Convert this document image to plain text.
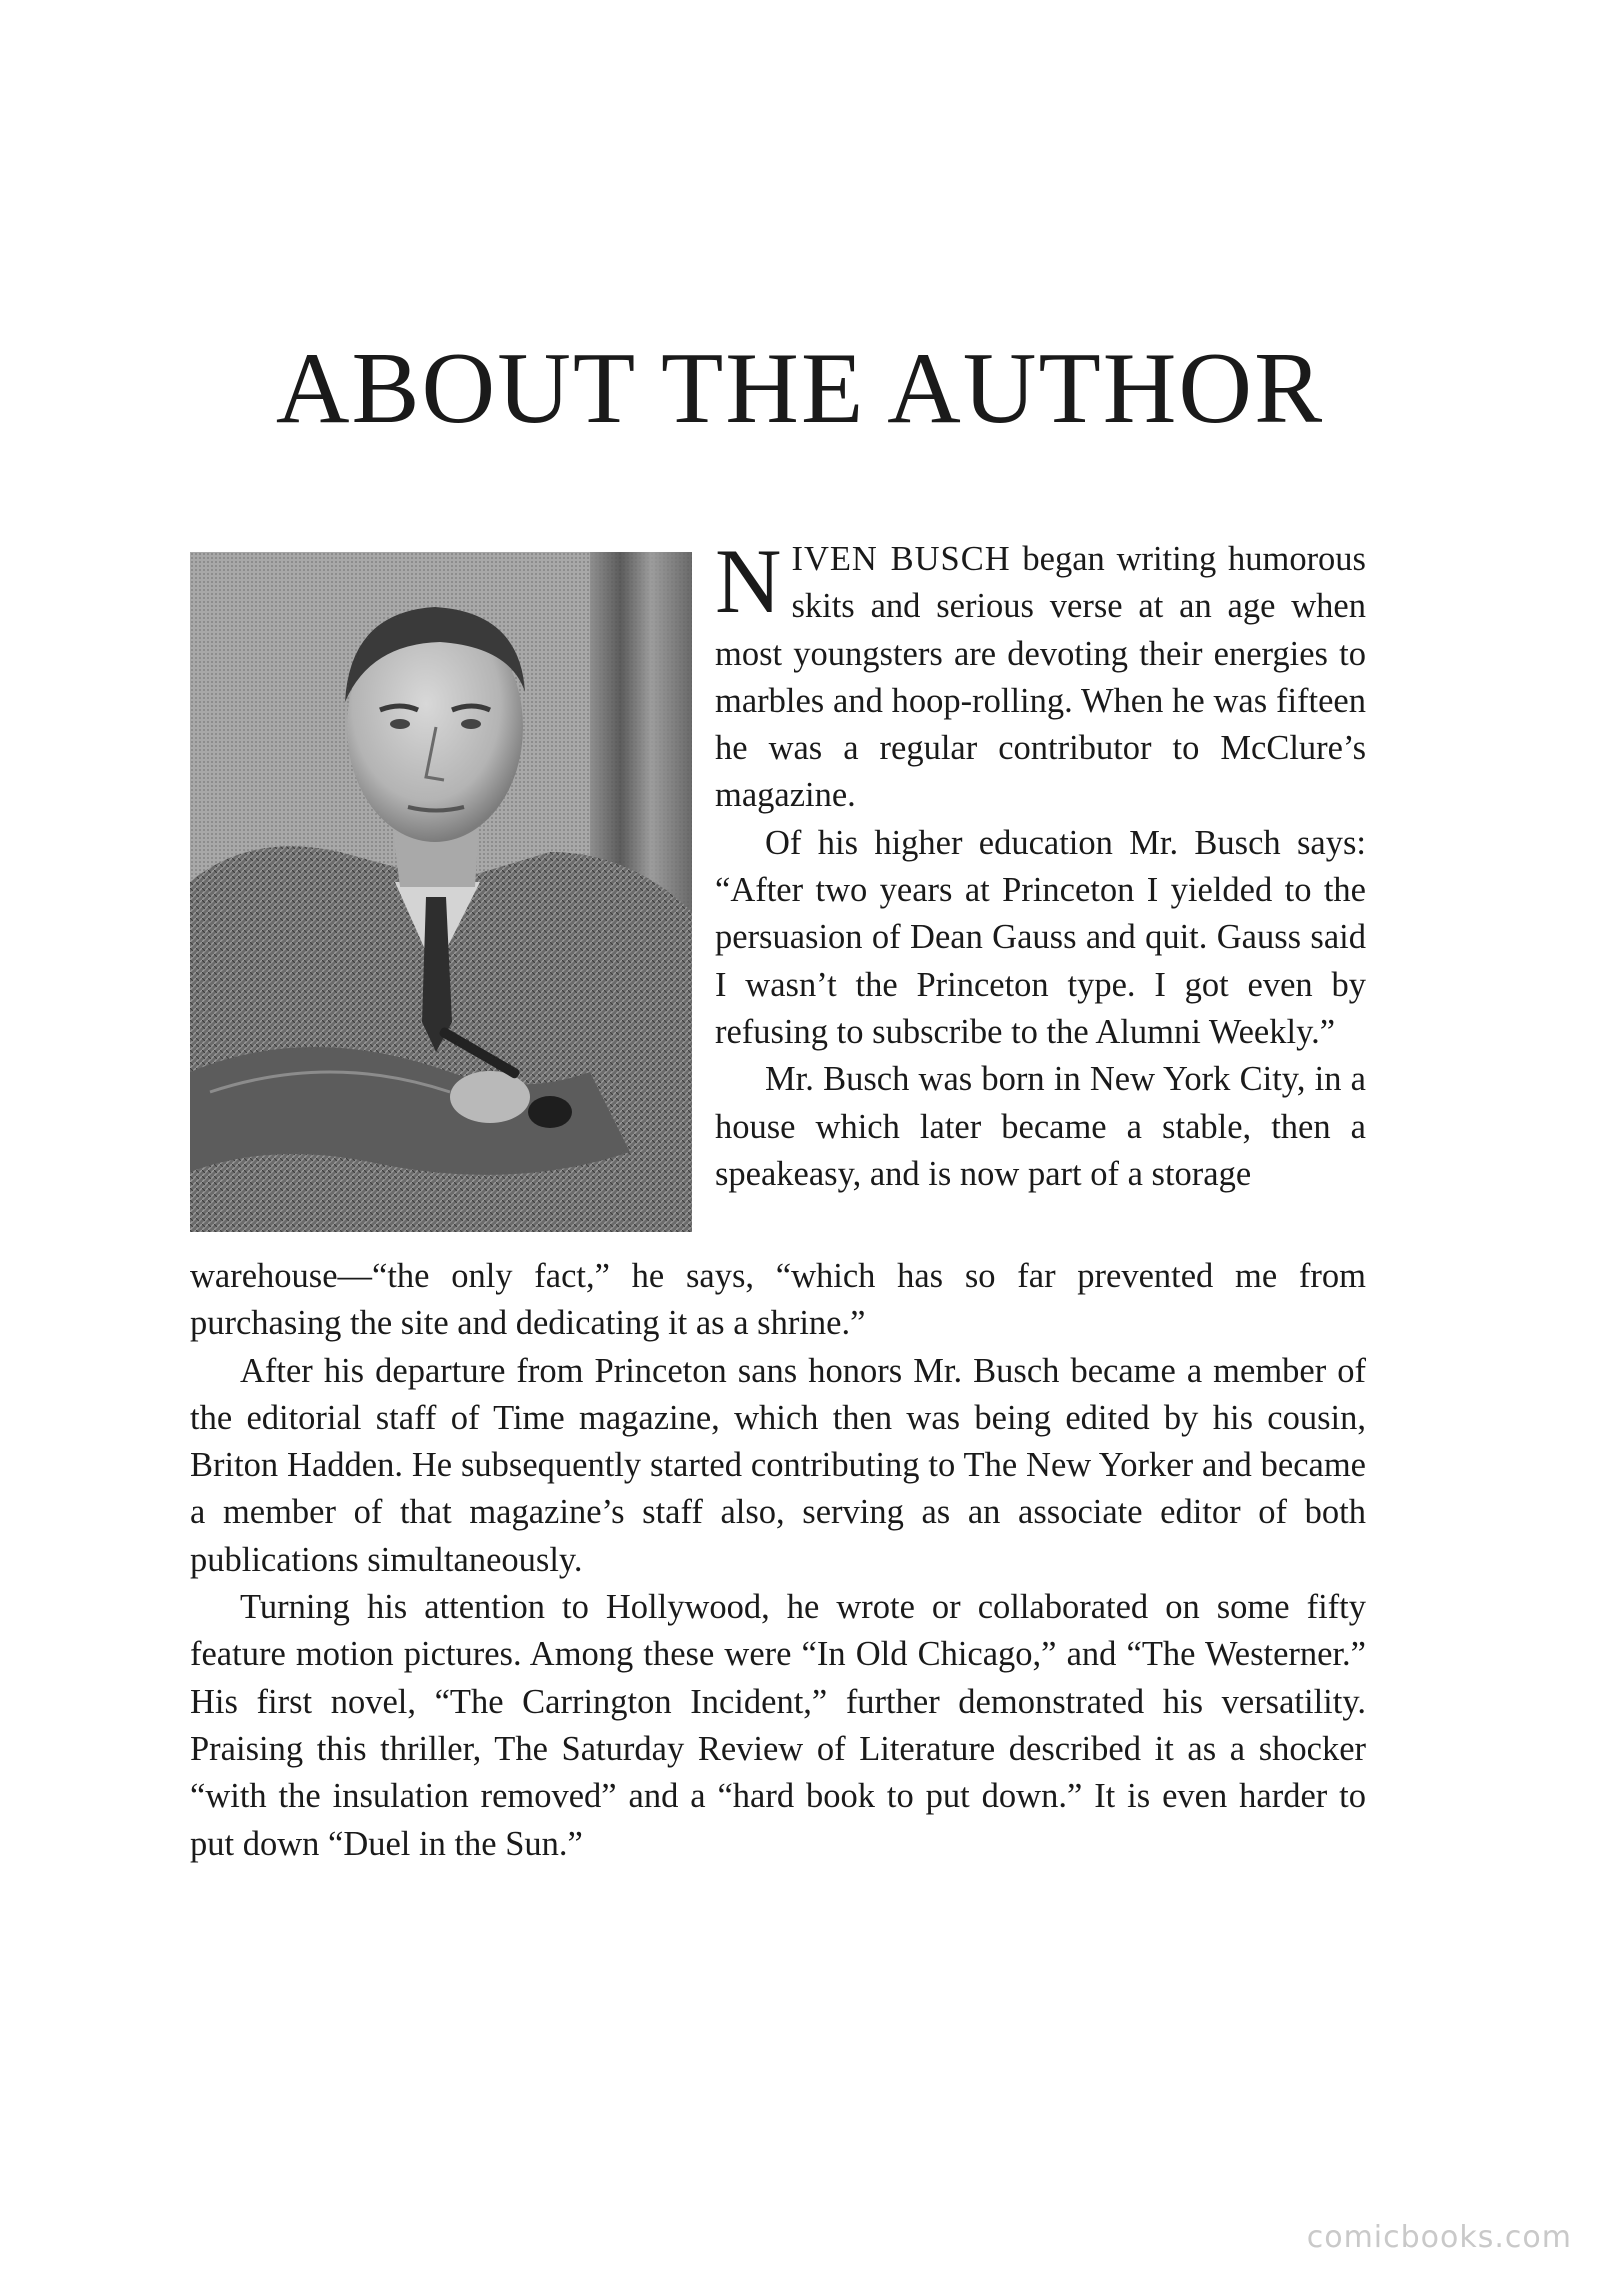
ABOUT THE AUTHOR

NIVEN BUSCH began writing humorous skits and serious verse at an age when most youngsters are devoting their energies to marbles and hoop-rolling. When he was fifteen he was a regular contributor to McClure’s magazine.

Of his higher education Mr. Busch says: “After two years at Princeton I yielded to the persuasion of Dean Gauss and quit. Gauss said I wasn’t the Princeton type. I got even by refusing to subscribe to the Alumni Weekly.”

Mr. Busch was born in New York City, in a house which later became a stable, then a speakeasy, and is now part of a storage

warehouse—“the only fact,” he says, “which has so far prevented me from purchasing the site and dedicating it as a shrine.”

After his departure from Princeton sans honors Mr. Busch became a member of the editorial staff of Time magazine, which then was being edited by his cousin, Briton Hadden. He subsequently started contributing to The New Yorker and became a member of that magazine’s staff also, serving as an associate editor of both publications simultaneously.

Turning his attention to Hollywood, he wrote or collaborated on some fifty feature motion pictures. Among these were “In Old Chicago,” and “The Westerner.” His first novel, “The Carrington Incident,” further demonstrated his versatility. Praising this thriller, The Saturday Review of Literature described it as a shocker “with the insulation removed” and a “hard book to put down.” It is even harder to put down “Duel in the Sun.”

comicbooks.com
